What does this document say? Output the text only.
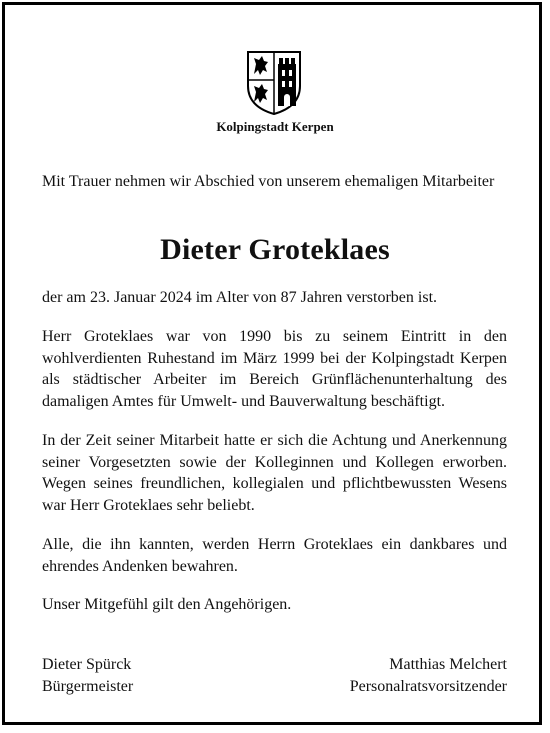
Kolpingstadt Kerpen
Mit Trauer nehmen wir Abschied von unserem ehemaligen Mitarbeiter
Dieter Groteklaes
der am 23. Januar 2024 im Alter von 87 Jahren verstorben ist.
Herr Groteklaes war von 1990 bis zu seinem Eintritt in den wohlverdienten Ruhestand im März 1999 bei der Kolpingstadt Kerpen als städtischer Arbeiter im Bereich Grünflächenunterhaltung des damaligen Amtes für Umwelt- und Bauverwaltung beschäftigt.
In der Zeit seiner Mitarbeit hatte er sich die Achtung und Anerkennung seiner Vorgesetzten sowie der Kolleginnen und Kollegen erworben. Wegen seines freundlichen, kollegialen und pflichtbewussten Wesens war Herr Groteklaes sehr beliebt.
Alle, die ihn kannten, werden Herrn Groteklaes ein dankbares und ehrendes Andenken bewahren.
Unser Mitgefühl gilt den Angehörigen.
Dieter Spürck
Bürgermeister
Matthias Melchert
Personalratsvorsitzender
